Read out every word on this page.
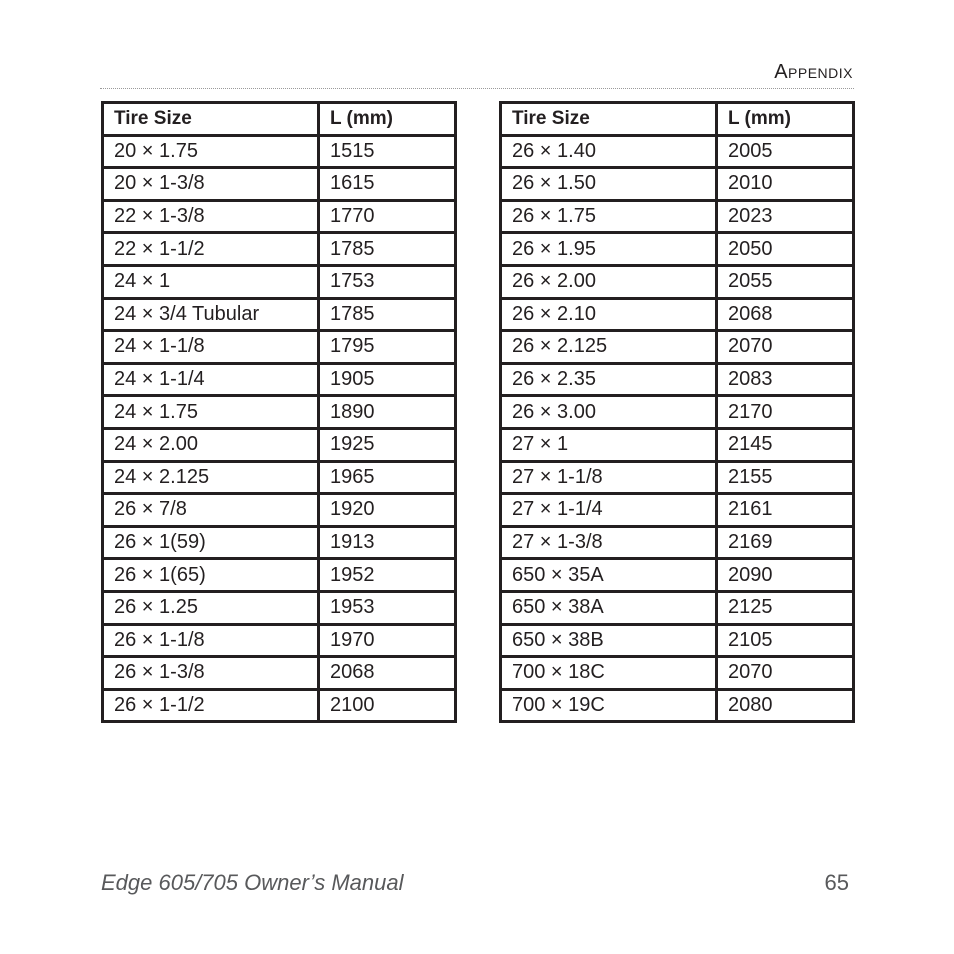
Appendix
Tire Size	L (mm)
20 × 1.75	1515
20 × 1-3/8	1615
22 × 1-3/8	1770
22 × 1-1/2	1785
24 × 1	1753
24 × 3/4 Tubular	1785
24 × 1-1/8	1795
24 × 1-1/4	1905
24 × 1.75	1890
24 × 2.00	1925
24 × 2.125	1965
26 × 7/8	1920
26 × 1(59)	1913
26 × 1(65)	1952
26 × 1.25	1953
26 × 1-1/8	1970
26 × 1-3/8	2068
26 × 1-1/2	2100
Tire Size	L (mm)
26 × 1.40	2005
26 × 1.50	2010
26 × 1.75	2023
26 × 1.95	2050
26 × 2.00	2055
26 × 2.10	2068
26 × 2.125	2070
26 × 2.35	2083
26 × 3.00	2170
27 × 1	2145
27 × 1-1/8	2155
27 × 1-1/4	2161
27 × 1-3/8	2169
650 × 35A	2090
650 × 38A	2125
650 × 38B	2105
700 × 18C	2070
700 × 19C	2080
Edge 605/705 Owner’s Manual	65
